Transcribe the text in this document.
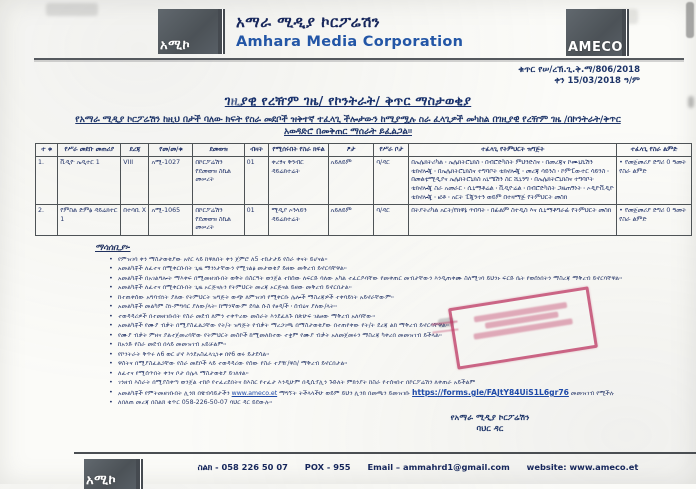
አሚኮ
አማራ ሚዲያ ኮርፖሬሽን
Amhara Media Corporation	AMECO
ቁጥር የሠ/ረኽ.ጊ.ቅ.ማ/806/2018
ቀን 15/03/2018 ዓ/ም
ገዚያዊ የረዥም ገዜ/ የኮንትራት/ ቅጥር ማስታወቂያ
የአማራ ሚዲያ ኮርፖሬሽን ከዚህ በታች ባለው ክፍት የስራ መደቦች ዝቅተኛ ተፈላጊ ችሎታውን ከሚያሟሉ ስራ ፈላጊዎች መካከል በገዚያዊ የረዥም ገዜ /በኮንትራት/ቅጥር
አወዳድሮ በመቅጠር ማሰራት ይፈልጋል።
ተ ቁ	የሥራ መደቡ መጠሪያ	ደረጃ	የመ/መ/ቁ	ደመወዝ	ብዛት	የሚሰሩበት የስራ ክፍል	ፆታ	የሥራ ቦታ	ተፈላጊ የትምህርት ዝግጅት	ተፈላጊ የስራ ልምድ
1.	ቪዲዮ ኤዲተር 1	VIII	አሚ-1027	በኮርፖሬሽን የደመወዝ ስኬል መሠረት	01	ቀረፃና ቅንብር ዳይሬክተሬት	አይለይም	ባ/ዳር	በኤሌክትሪካል ፡ ኤሌክትሮኒክስ ፡ በብሮድካስት ምህንድስና ፡ በመረጃና ኮሙኒኬሽን ቴክኖሎጂ ፡ በኤሌክትሮኒክስና ተግባቦት ቴክኖሎጂ ፡ መረጃ ሳይንስ ፡ ኮምፒውተር ሳይንስ ፡ በመልቲሚዲያና ኤሌክትሮኒክስ አኒሜሽን ስር ሺኒንግ ፡ በኤሌክትሮኒክስና ተግባቦት ቴክኖሎጂ ስራ አመራር ፡ ሲኒማቶሬል ፡ ቪዲዮሬል ፡ በብሮድካስት ጋዜጠኝነት ፡ ኦዲዮቪዲዮ ቴክኖሎጂ ፡ ፎቶ ፡ አርት ፒጂንተን ወይም በተዛማጅ የትምህርት መስክ	• የመጀመሪያ ድግሪ 0 ዓመት የስራ ልምድ
2.	የምስል ድምፅ ዳይሬክተር 1	በተሳቢ X	አሚ-1065	በኮርፖሬሽን የደመወዝ ስኬል መሠረት	01	ሚዲያ ኦንላይን ዳይሬክተሬት	አይለይም	ባ/ዳር	በትያትሪካል አርት/የክዋኔ ጥበባት ፡ በፊልም ስተዲስ እና ሲኒማቶግራፊ የትምህርት መስክ	• የመጀመሪያ ድግሪ 0 ዓመት የስራ ልምድ
ማሳሰቢያ፡-
• የምዝገባ ቀን ማስታወቂያው አየር ላይ ከዋለበት ቀን ጀምሮ ለ5 ተከታታይ የስራ ቀናት ይሆናል።
• አመልካቾች ለፈተና በሚቀርቡበት ጊዜ ማንነታቸውን የሚገልፅ መታወቂያ ይዘው መቅረብ ይኖርባቸዋል።
• አመልካቾች በአገልግሎት ማእቀፍ በሚመዘገቡበት ወቅት በስርዓት ወንጀል ተከሰው ለፍርድ ባለው አካል ተፈርዶባቸው የመቀጠር መብታቸውን እንዲጠቀሙ ስለሚገባ ይህንኑ ፍርድ ቤት የወሰነበትን ማስረጃ ማቅረብ ይኖርባቸዋል።
• አመልካቾች ለፈተና በሚቀርቡበት ጊዜ ኦርጅናሉን የትምህርት መረጃ ኦርጅናል ይዘው መቅረብ ይኖርበታል።
• ከተጠቀሰው አግባብነት ያለው የትምህርት ዝግጅት ውጭ ለምዝገባ የሚቀርቡ ሌሎች ማስረጃዎች ተቀባይነት አይኖራቸውም።
• አመልካቾች መልካም ስነ-ምግባር ያለው/ላት፡ ከማንኛውም ደባል ሱስ የፀዳ/ች ፡ ሰብዕና ያለው/ላት።
• ተወዳዳሪዎች በተመዘገቡበት የስራ መደብ ለምን ተቀጥረው መስራት እንደፈለጉ በጽሁፍ ገልፀው ማቅረብ አለባቸው።
• አመልካቾች የሙያ ብቃት በሚያስፈልጋቸው የት/ት ዝግጅት የብቃት ማረጋገጫ በማስታወቂያው በተጠየቀው የት/ት ደረጃ ልክ ማቅረብ ይኖርባቸዋል።
• የሙያ ብቃት ምዘና ያልተጀመረባቸው የትምህርት መስኮች ከሚመለከተው ተቋም የሙያ ብቃት አለመጀመሩን ማስረጃ ካቀረበ መመዝገብ ይችላል።
• ከአንድ የስራ መደብ በላይ መመዝገብ አይቻልም።
• የኮንትራት ቅጥሩ ለ6 ወር ሆኖ እንደአስፈላጊነቱ በየ6 ወሩ ይታደሳል።
• ዋስትና በሚያስፈልጋቸው የስራ መደቦች ላይ ተወዳዳሪው የሰው የስራ ተያዥ/ዋስ/ ማቅረብ ይኖርበታል።
• ለፈተና የሚሰጥበት ቀንና ቦታ በሌላ ማስታወቂያ ይገለፃል።
• ገንዘብ እስራት በሚያስቀጣ ወንጀል ተከሶ የተፈረደበትና ከእስር የተፈታ እንዲሁም በዲሲፕሊን ጉድለት ምክንያት ከስራ የተሰናበተ በኮርፖሬሽን ለቀጠራ አይችልም
• አመልካቾች የምትመዘገቡበት ሊንክ በዌብሳይታችን www.ameco.et ማግኘት ትችላላችሁ ወይም ይህን ሊንክ በመጫን ይመዝገቡ https://forms.gle/FAJtY84UiS1L6gr76 መመዝገብ የሚችሉ
• ለበለጠ መረጃ በስልክ ቁጥር 058-226-50-07 ባህር ዳር ይደውሉ።
የአማራ ሚዲያ ኮርፖሬሽን
ባህር ዳር
አሚኮ
ስልክ - 058 226 50 07 POX - 955 Email – ammahrd1@gmail.com website: www.ameco.et
